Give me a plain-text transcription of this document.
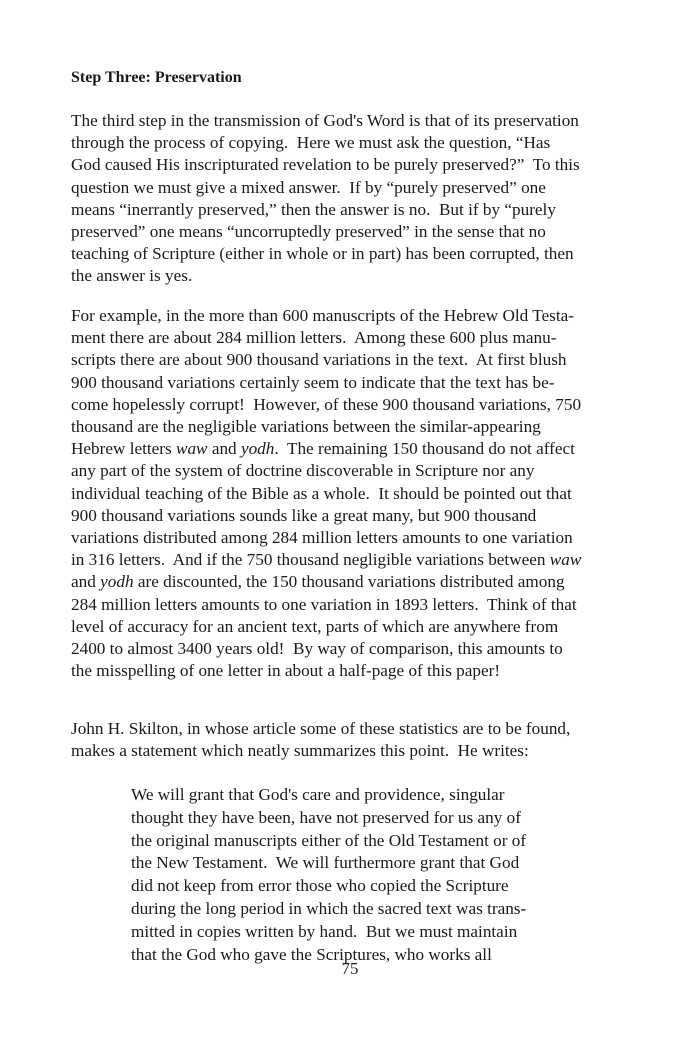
Step Three: Preservation
The third step in the transmission of God's Word is that of its preservation
through the process of copying.  Here we must ask the question, “Has
God caused His inscripturated revelation to be purely preserved?”  To this
question we must give a mixed answer.  If by “purely preserved” one
means “inerrantly preserved,” then the answer is no.  But if by “purely
preserved” one means “uncorruptedly preserved” in the sense that no
teaching of Scripture (either in whole or in part) has been corrupted, then
the answer is yes.
For example, in the more than 600 manuscripts of the Hebrew Old Testa-
ment there are about 284 million letters.  Among these 600 plus manu-
scripts there are about 900 thousand variations in the text.  At first blush
900 thousand variations certainly seem to indicate that the text has be-
come hopelessly corrupt!  However, of these 900 thousand variations, 750
thousand are the negligible variations between the similar-appearing
Hebrew letters waw and yodh.  The remaining 150 thousand do not affect
any part of the system of doctrine discoverable in Scripture nor any
individual teaching of the Bible as a whole.  It should be pointed out that
900 thousand variations sounds like a great many, but 900 thousand
variations distributed among 284 million letters amounts to one variation
in 316 letters.  And if the 750 thousand negligible variations between waw
and yodh are discounted, the 150 thousand variations distributed among
284 million letters amounts to one variation in 1893 letters.  Think of that
level of accuracy for an ancient text, parts of which are anywhere from
2400 to almost 3400 years old!  By way of comparison, this amounts to
the misspelling of one letter in about a half-page of this paper!
John H. Skilton, in whose article some of these statistics are to be found,
makes a statement which neatly summarizes this point.  He writes:
We will grant that God's care and providence, singular
thought they have been, have not preserved for us any of
the original manuscripts either of the Old Testament or of
the New Testament.  We will furthermore grant that God
did not keep from error those who copied the Scripture
during the long period in which the sacred text was trans-
mitted in copies written by hand.  But we must maintain
that the God who gave the Scriptures, who works all
75
